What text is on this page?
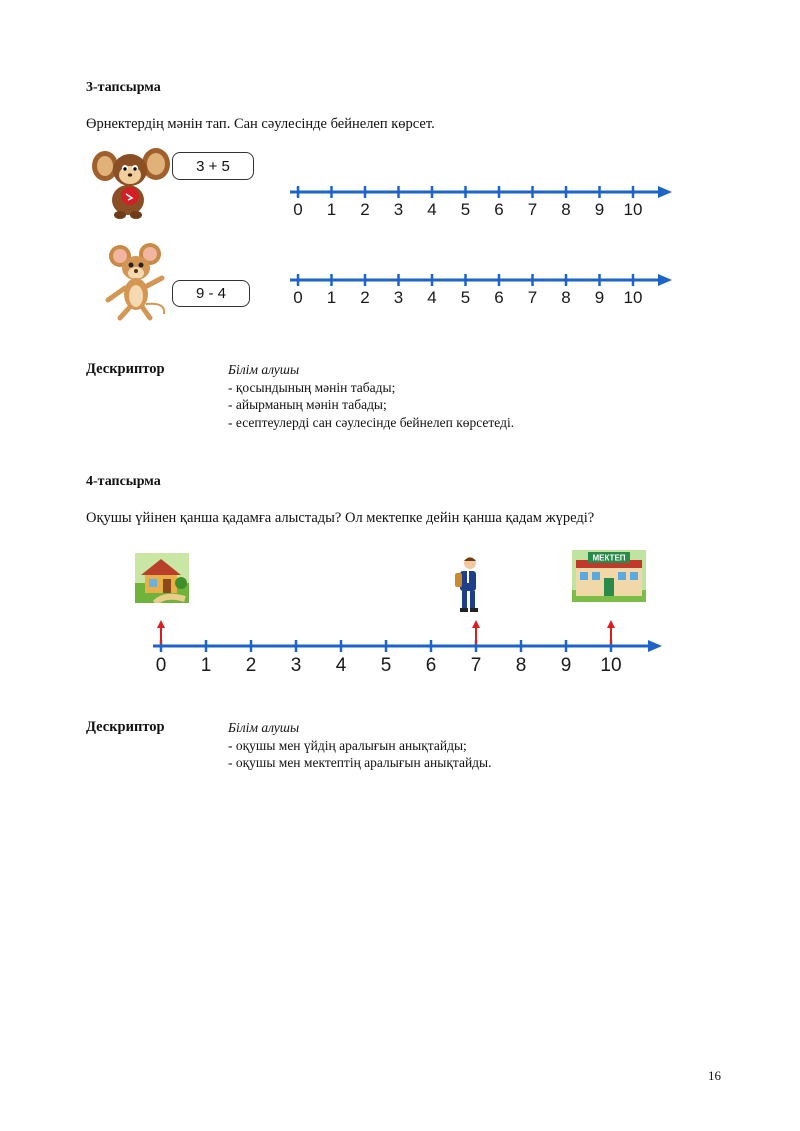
3-тапсырма
Өрнектердің мәнін тап. Сан сәулесінде бейнелеп көрсет.
3 + 5
0 1 2 3 4 5 6 7 8 9 10
9 - 4	0 1 2 3 4 5 6 7 8 9 10
Дескриптор	Білім алушы
- қосындының мәнін табады;
- айырманың мәнін табады;
- есептеулерді сан сәулесінде бейнелеп көрсетеді.
4-тапсырма
Оқушы үйінен қанша қадамға алыстады? Ол мектепке дейін қанша қадам жүреді?
МЕКТЕП
0 1 2 3 4 5 6 7 8 9 10
Дескриптор	Білім алушы
- оқушы мен үйдің аралығын анықтайды;
- оқушы мен мектептің аралығын анықтайды.
16
